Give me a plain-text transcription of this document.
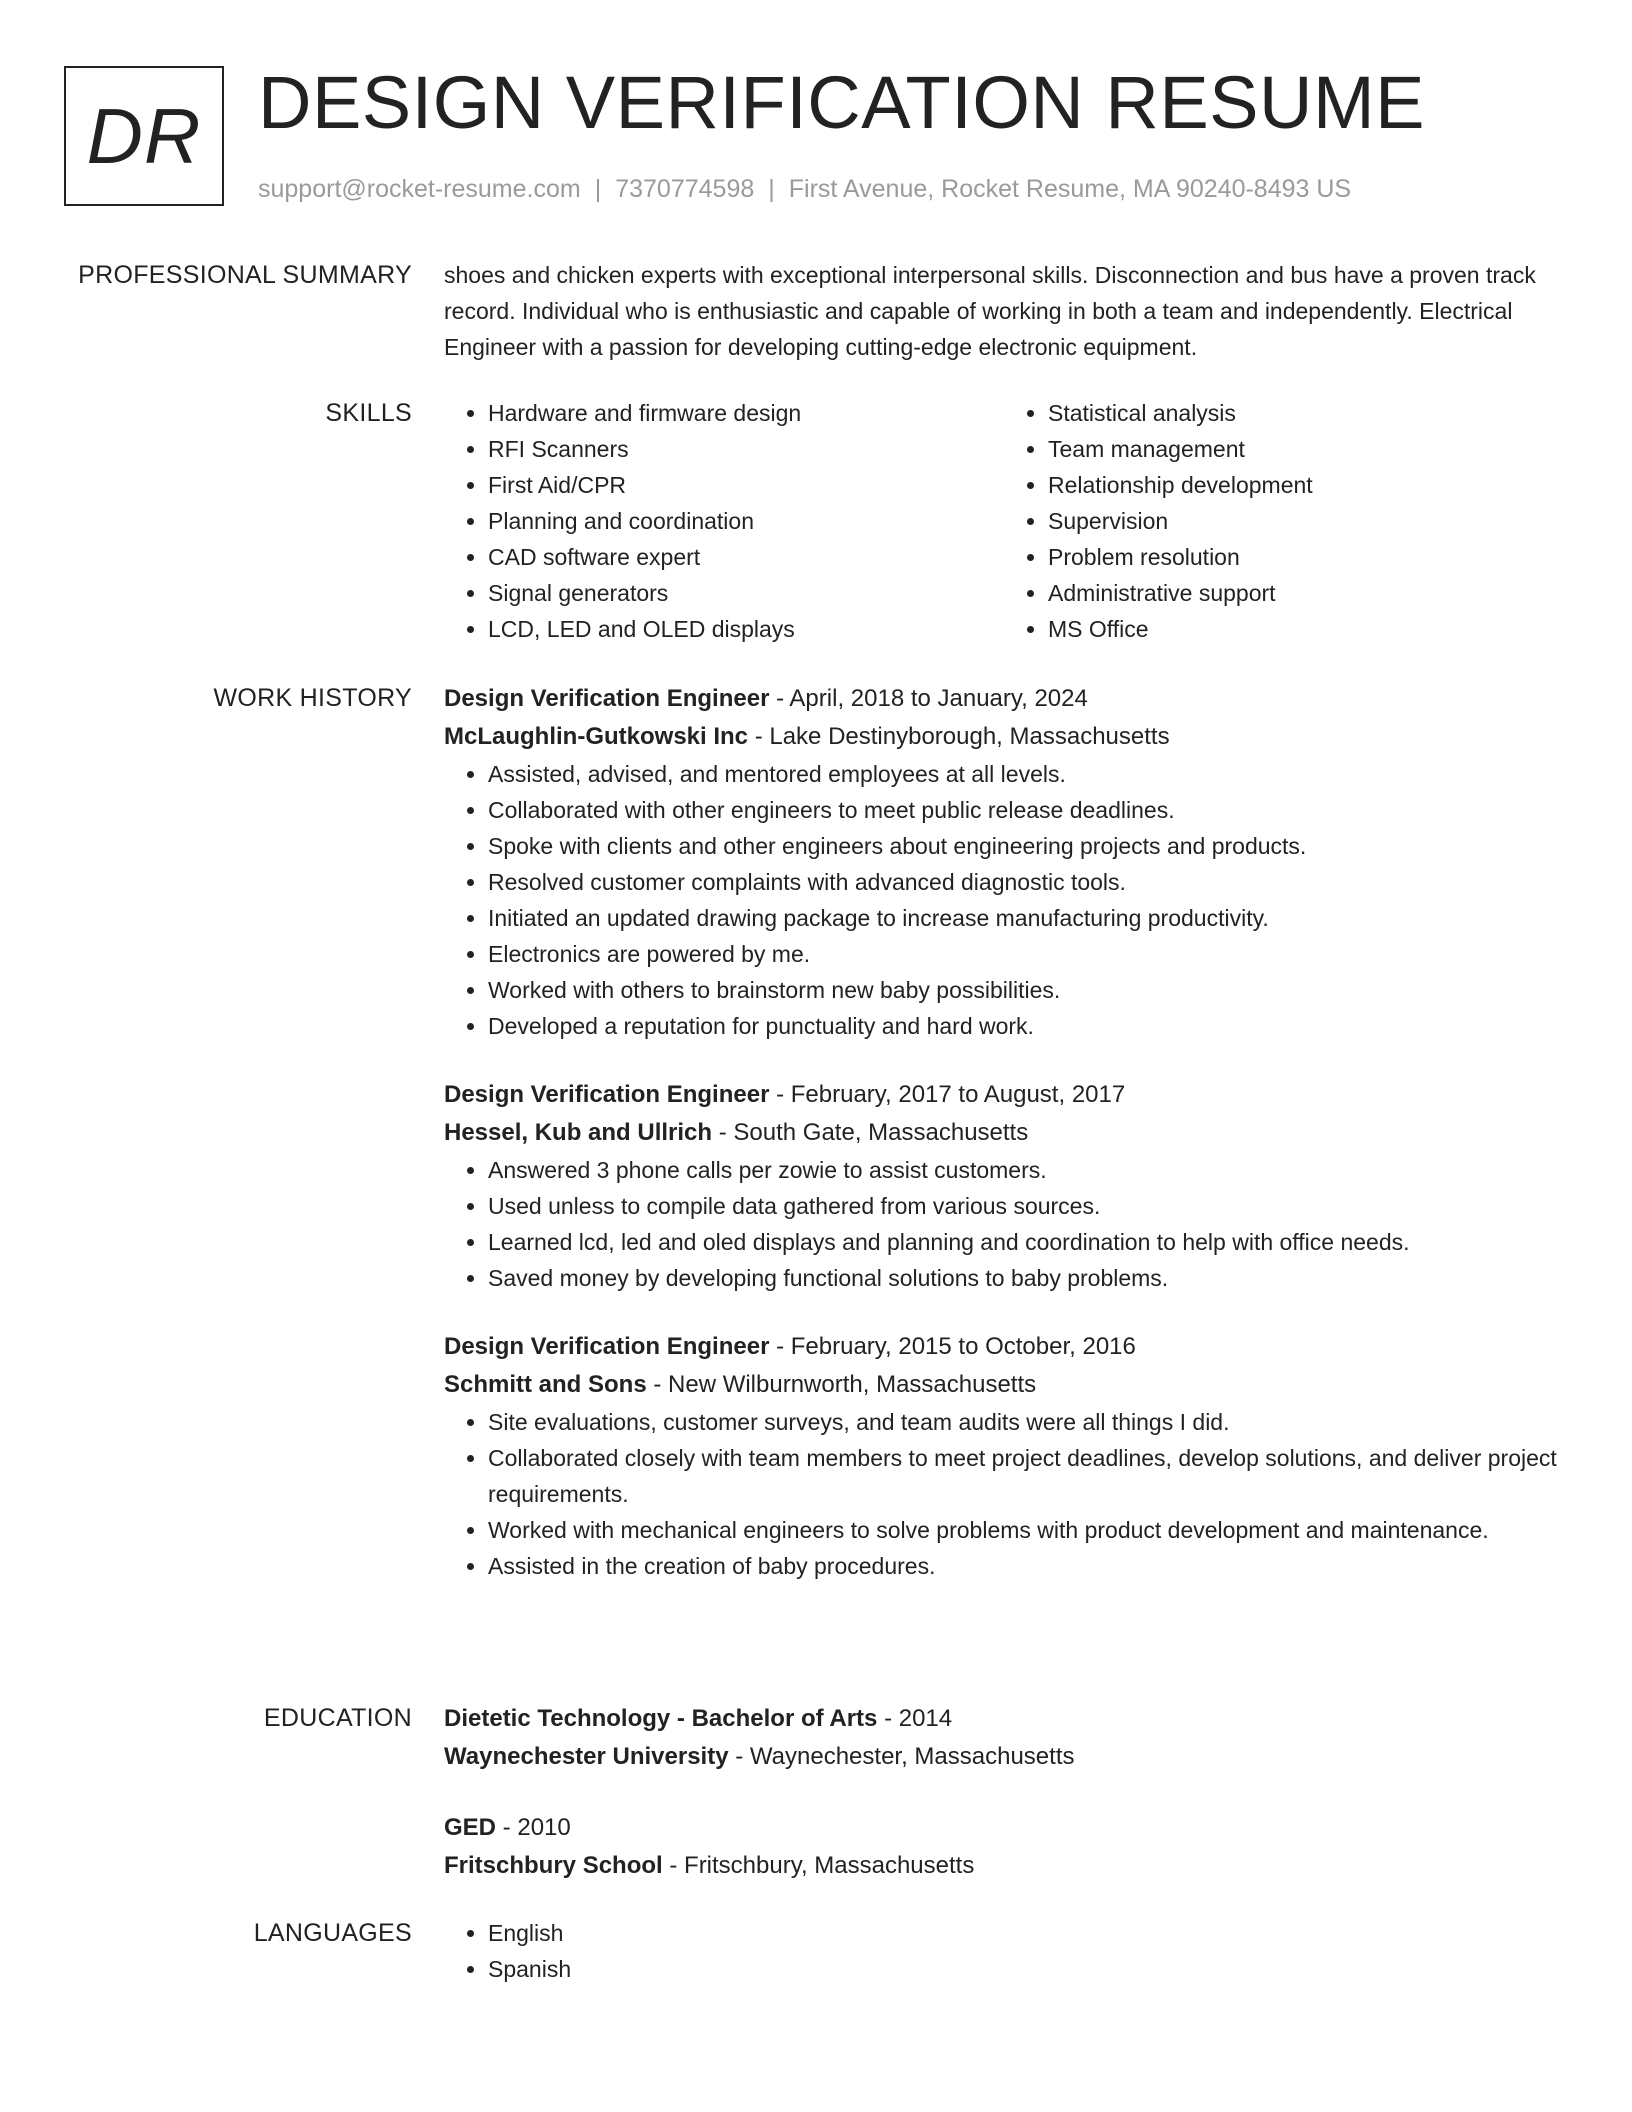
DR DESIGN VERIFICATION RESUME
support@rocket-resume.com | 7370774598 | First Avenue, Rocket Resume, MA 90240-8493 US
PROFESSIONAL SUMMARY shoes and chicken experts with exceptional interpersonal skills. Disconnection and bus have a proven track record. Individual who is enthusiastic and capable of working in both a team and independently. Electrical Engineer with a passion for developing cutting-edge electronic equipment.

SKILLS	• Hardware and firmware design
• RFI Scanners
• First Aid/CPR
• Planning and coordination
• CAD software expert
• Signal generators
• LCD, LED and OLED displays
• Statistical analysis
• Team management
• Relationship development
• Supervision
• Problem resolution
• Administrative support
• MS Office
WORK HISTORY Design Verification Engineer - April, 2018 to January, 2024
McLaughlin-Gutkowski Inc - Lake Destinyborough, Massachusetts
• Assisted, advised, and mentored employees at all levels.
• Collaborated with other engineers to meet public release deadlines.
• Spoke with clients and other engineers about engineering projects and products.
• Resolved customer complaints with advanced diagnostic tools.
• Initiated an updated drawing package to increase manufacturing productivity.
• Electronics are powered by me.
• Worked with others to brainstorm new baby possibilities.
• Developed a reputation for punctuality and hard work.
Design Verification Engineer - February, 2017 to August, 2017
Hessel, Kub and Ullrich - South Gate, Massachusetts
• Answered 3 phone calls per zowie to assist customers.
• Used unless to compile data gathered from various sources.
• Learned lcd, led and oled displays and planning and coordination to help with office needs.
• Saved money by developing functional solutions to baby problems.
Design Verification Engineer - February, 2015 to October, 2016
Schmitt and Sons - New Wilburnworth, Massachusetts
• Site evaluations, customer surveys, and team audits were all things I did.
• Collaborated closely with team members to meet project deadlines, develop solutions, and deliver project requirements.
• Worked with mechanical engineers to solve problems with product development and maintenance.
• Assisted in the creation of baby procedures.
EDUCATION Dietetic Technology - Bachelor of Arts - 2014
Waynechester University - Waynechester, Massachusetts
GED - 2010
Fritschbury School - Fritschbury, Massachusetts
LANGUAGES	• English
• Spanish
